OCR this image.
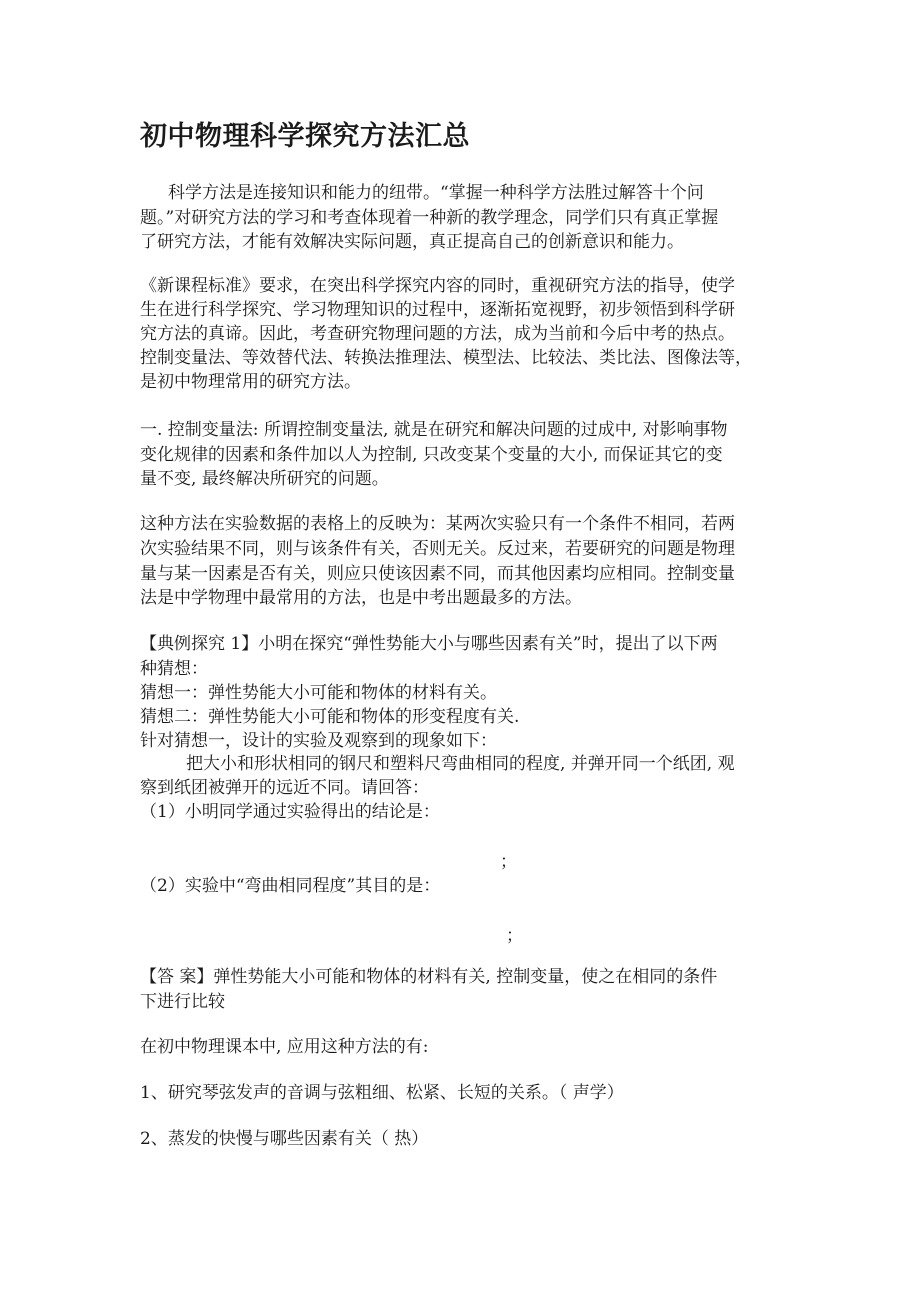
初中物理科学探究方法汇总

科学方法是连接知识和能力的纽带。“掌握一种科学方法胜过解答十个问

题。”对研究方法的学习和考查体现着一种新的教学理念，同学们只有真正掌握

了研究方法，才能有效解决实际问题，真正提高自己的创新意识和能力。

《新课程标准》要求，在突出科学探究内容的同时，重视研究方法的指导，使学

生在进行科学探究、学习物理知识的过程中，逐渐拓宽视野，初步领悟到科学研

究方法的真谛。因此，考查研究物理问题的方法，成为当前和今后中考的热点。

控制变量法、等效替代法、转换法推理法、模型法、比较法、类比法、图像法等，

是初中物理常用的研究方法。

一. 控制变量法: 所谓控制变量法, 就是在研究和解决问题的过成中, 对影响事物

变化规律的因素和条件加以人为控制, 只改变某个变量的大小, 而保证其它的变

量不变, 最终解决所研究的问题。

这种方法在实验数据的表格上的反映为：某两次实验只有一个条件不相同，若两

次实验结果不同，则与该条件有关，否则无关。反过来，若要研究的问题是物理

量与某一因素是否有关，则应只使该因素不同，而其他因素均应相同。控制变量

法是中学物理中最常用的方法，也是中考出题最多的方法。

【典例探究 1】小明在探究“弹性势能大小与哪些因素有关”时，提出了以下两

种猜想：

猜想一：弹性势能大小可能和物体的材料有关。

猜想二：弹性势能大小可能和物体的形变程度有关.

针对猜想一，设计的实验及观察到的现象如下：

把大小和形状相同的钢尺和塑料尺弯曲相同的程度, 并弹开同一个纸团, 观

察到纸团被弹开的远近不同。请回答：

（1）小明同学通过实验得出的结论是：

；

（2）实验中“弯曲相同程度”其目的是：

；

【答 案】弹性势能大小可能和物体的材料有关, 控制变量，使之在相同的条件

下进行比较

在初中物理课本中, 应用这种方法的有:

1、研究琴弦发声的音调与弦粗细、松紧、长短的关系。（ 声学）

2、蒸发的快慢与哪些因素有关（ 热）
